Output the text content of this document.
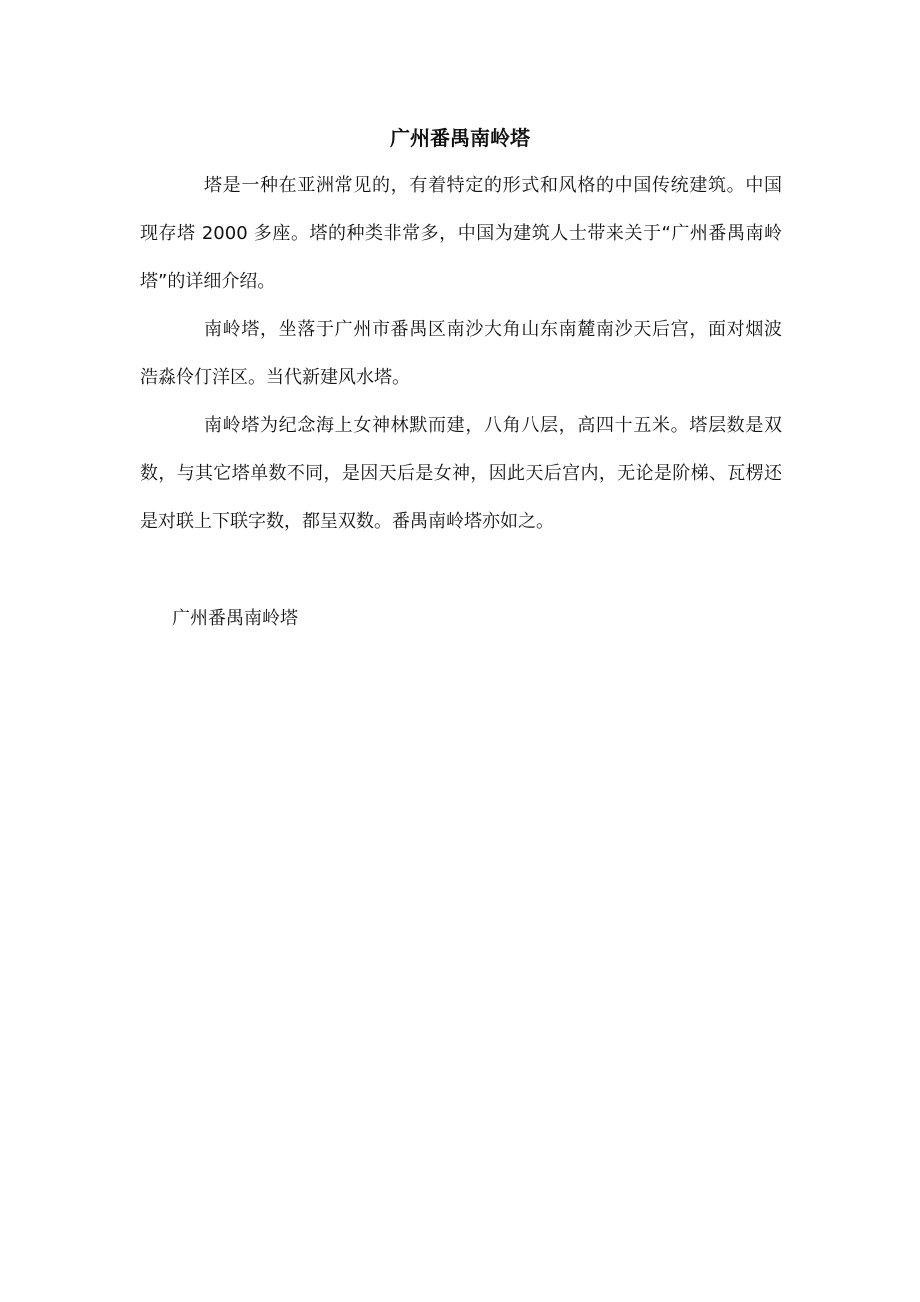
广州番禺南岭塔
塔是一种在亚洲常见的，有着特定的形式和风格的中国传统建筑。中国
现存塔 2000 多座。塔的种类非常多，中国为建筑人士带来关于“广州番禺南岭
塔”的详细介绍。
南岭塔，坐落于广州市番禺区南沙大角山东南麓南沙天后宫，面对烟波
浩淼伶仃洋区。当代新建风水塔。
南岭塔为纪念海上女神林默而建，八角八层，高四十五米。塔层数是双
数，与其它塔单数不同，是因天后是女神，因此天后宫内，无论是阶梯、瓦楞还
是对联上下联字数，都呈双数。番禺南岭塔亦如之。
广州番禺南岭塔
